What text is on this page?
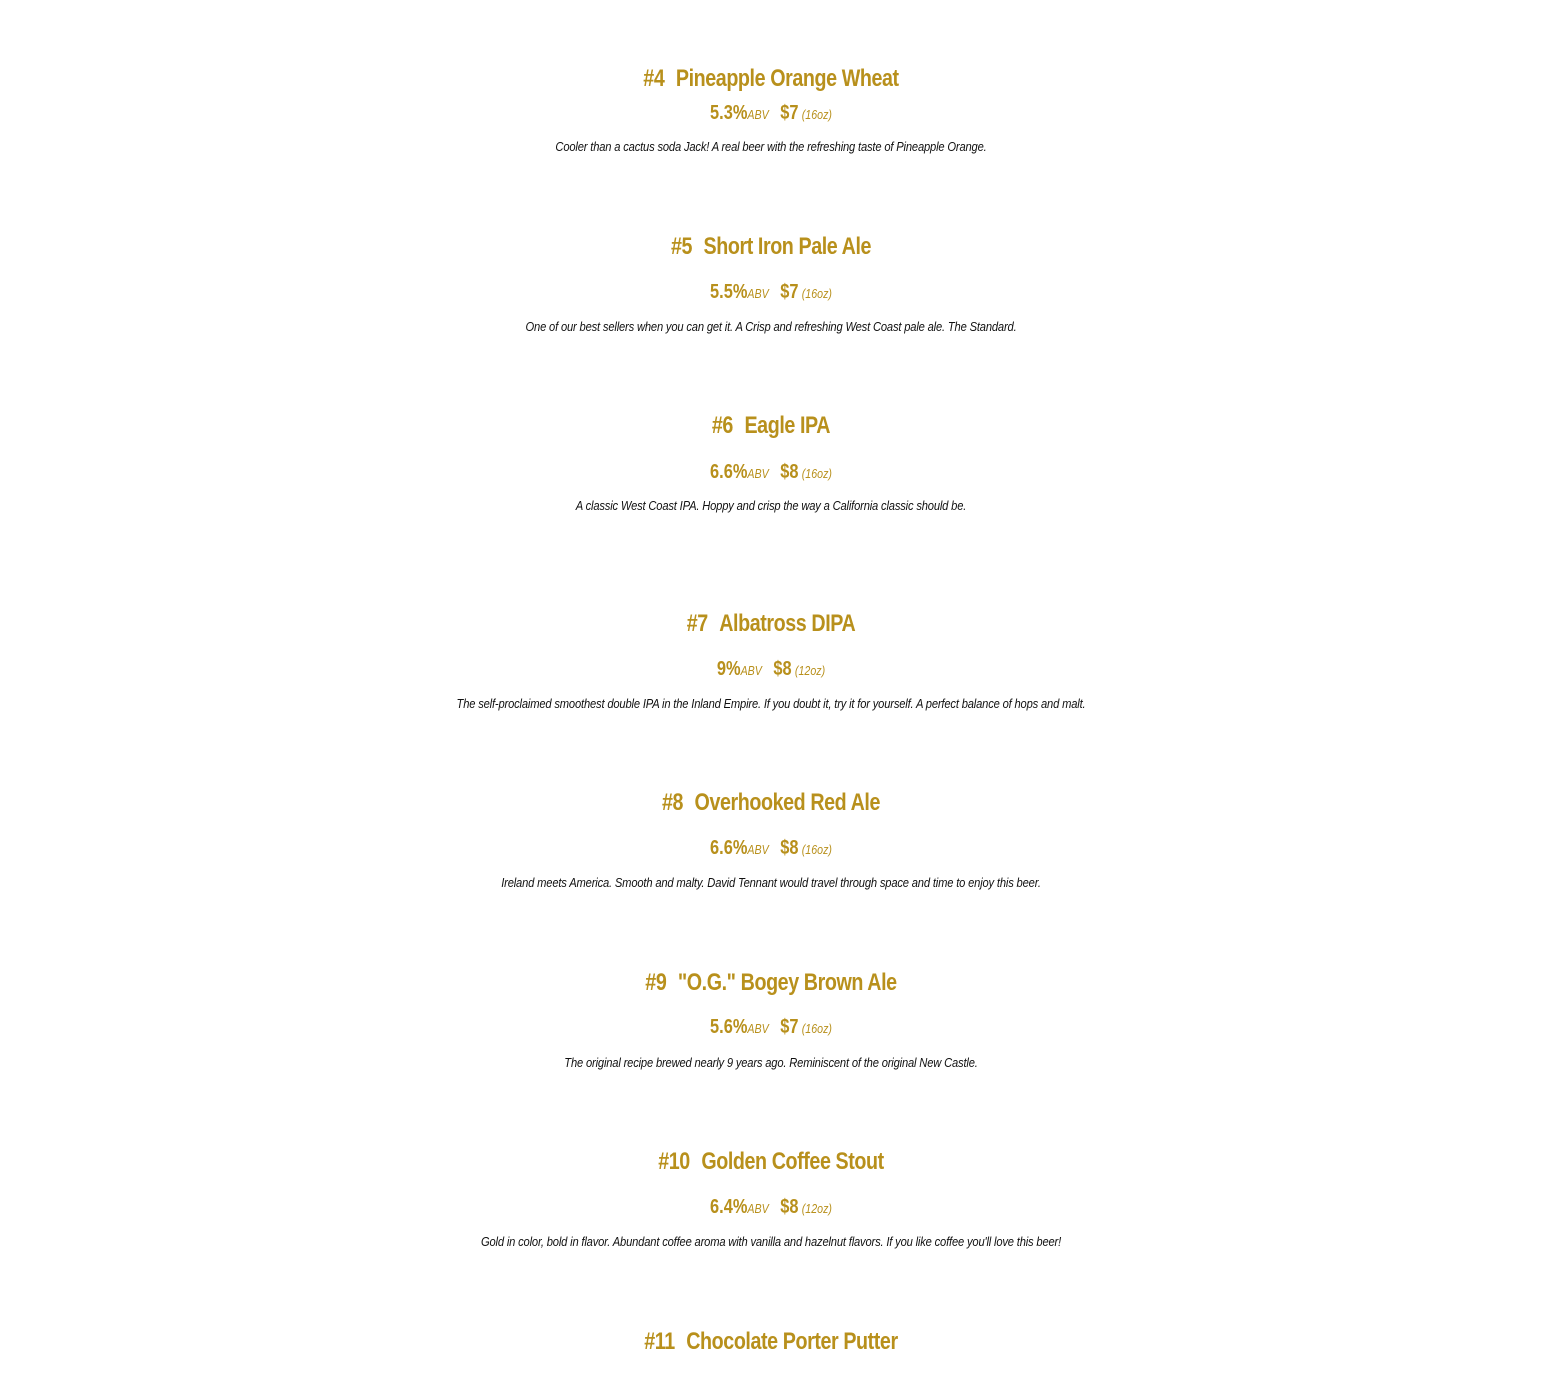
#4 Pineapple Orange Wheat
5.3%ABV $7 (16oz)
Cooler than a cactus soda Jack! A real beer with the refreshing taste of Pineapple Orange.
#5 Short Iron Pale Ale
5.5%ABV $7 (16oz)
One of our best sellers when you can get it. A Crisp and refreshing West Coast pale ale. The Standard.
#6 Eagle IPA
6.6%ABV $8 (16oz)
A classic West Coast IPA. Hoppy and crisp the way a California classic should be.
#7 Albatross DIPA
9%ABV $8 (12oz)
The self-proclaimed smoothest double IPA in the Inland Empire. If you doubt it, try it for yourself. A perfect balance of hops and malt.
#8 Overhooked Red Ale
6.6%ABV $8 (16oz)
Ireland meets America. Smooth and malty. David Tennant would travel through space and time to enjoy this beer.
#9 "O.G." Bogey Brown Ale
5.6%ABV $7 (16oz)
The original recipe brewed nearly 9 years ago. Reminiscent of the original New Castle.
#10 Golden Coffee Stout
6.4%ABV $8 (12oz)
Gold in color, bold in flavor. Abundant coffee aroma with vanilla and hazelnut flavors. If you like coffee you'll love this beer!
#11 Chocolate Porter Putter
